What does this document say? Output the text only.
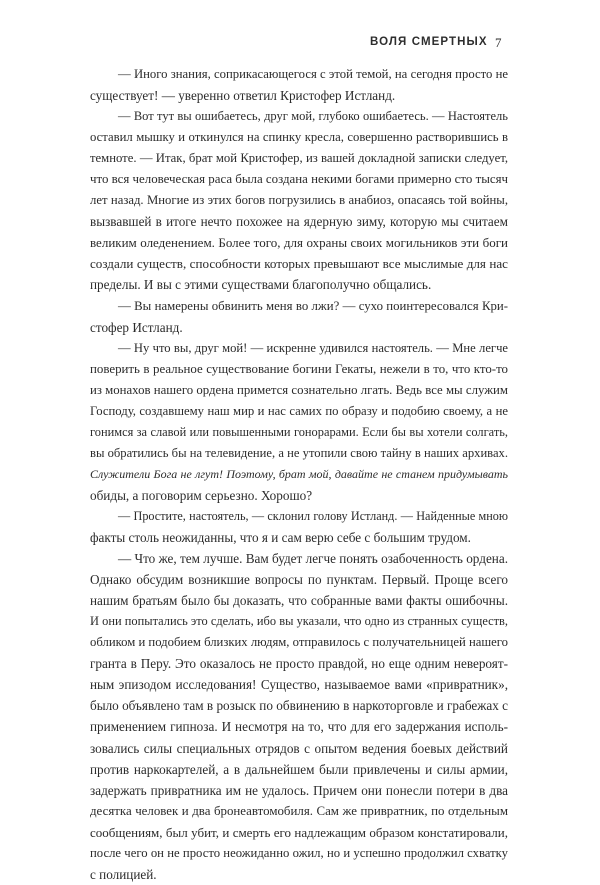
ВОЛЯ СМЕРТНЫХ 7
— Иного знания, соприкасающегося с этой темой, на сегодня просто не
существует! — уверенно ответил Кристофер Истланд.
— Вот тут вы ошибаетесь, друг мой, глубоко ошибаетесь. — Настоятель
оставил мышку и откинулся на спинку кресла, совершенно растворившись в
темноте. — Итак, брат мой Кристофер, из вашей докладной записки следует,
что вся человеческая раса была создана некими богами примерно сто тысяч
лет назад. Многие из этих богов погрузились в анабиоз, опасаясь той войны,
вызвавшей в итоге нечто похожее на ядерную зиму, которую мы считаем
великим оледенением. Более того, для охраны своих могильников эти боги
создали существ, способности которых превышают все мыслимые для нас
пределы. И вы с этими существами благополучно общались.
— Вы намерены обвинить меня во лжи? — сухо поинтересовался Кри-
стофер Истланд.
— Ну что вы, друг мой! — искренне удивился настоятель. — Мне легче
поверить в реальное существование богини Гекаты, нежели в то, что кто-то
из монахов нашего ордена примется сознательно лгать. Ведь все мы служим
Господу, создавшему наш мир и нас самих по образу и подобию своему, а не
гонимся за славой или повышенными гонорарами. Если бы вы хотели солгать,
вы обратились бы на телевидение, а не утопили свою тайну в наших архивах.
Служители Бога не лгут! Поэтому, брат мой, давайте не станем придумывать
обиды, а поговорим серьезно. Хорошо?
— Простите, настоятель, — склонил голову Истланд. — Найденные мною
факты столь неожиданны, что я и сам верю себе с большим трудом.
— Что же, тем лучше. Вам будет легче понять озабоченность ордена.
Однако обсудим возникшие вопросы по пунктам. Первый. Проще всего
нашим братьям было бы доказать, что собранные вами факты ошибочны.
И они попытались это сделать, ибо вы указали, что одно из странных существ,
обликом и подобием близких людям, отправилось с получательницей нашего
гранта в Перу. Это оказалось не просто правдой, но еще одним невероят-
ным эпизодом исследования! Существо, называемое вами «привратник»,
было объявлено там в розыск по обвинению в наркоторговле и грабежах с
применением гипноза. И несмотря на то, что для его задержания исполь-
зовались силы специальных отрядов с опытом ведения боевых действий
против наркокартелей, а в дальнейшем были привлечены и силы армии,
задержать привратника им не удалось. Причем они понесли потери в два
десятка человек и два бронеавтомобиля. Сам же привратник, по отдельным
сообщениям, был убит, и смерть его надлежащим образом констатировали,
после чего он не просто неожиданно ожил, но и успешно продолжил схватку
с полицией.
